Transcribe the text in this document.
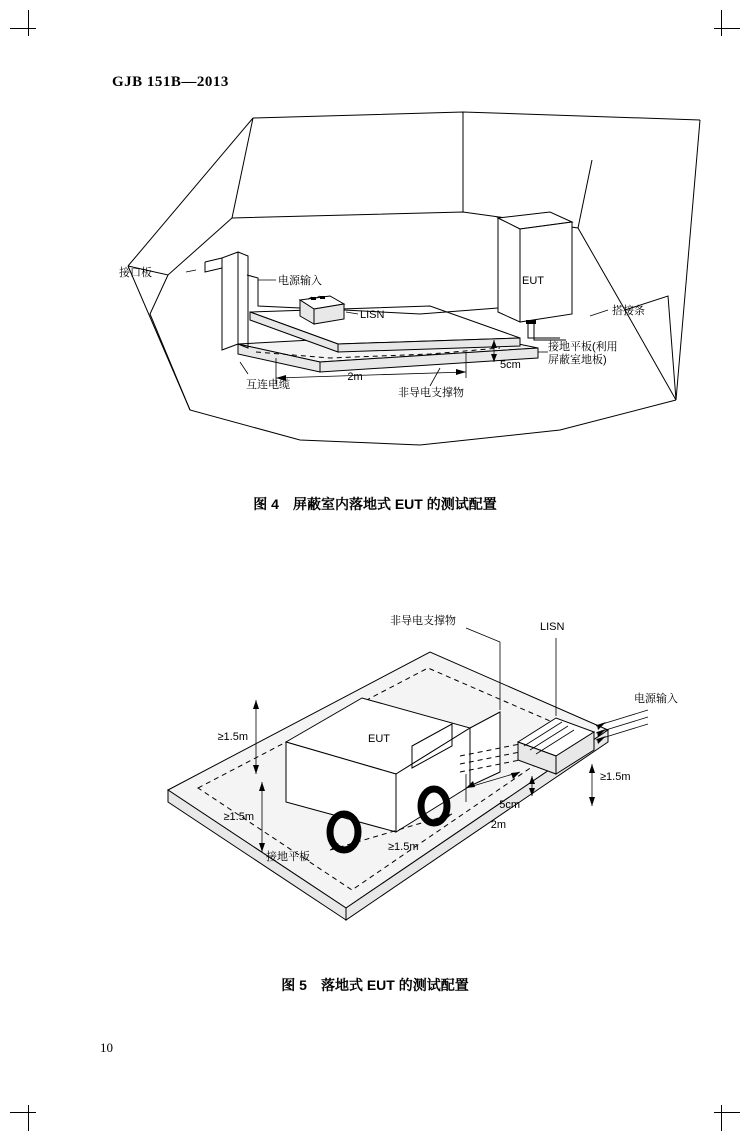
GJB 151B—2013
接口板
电源输入
LISN
EUT
搭接条
接地平板(利用
屏蔽室地板)
2m
5cm
互连电缆
非导电支撑物
图 4　屏蔽室内落地式 EUT 的测试配置
非导电支撑物	LISN
电源输入
EUT
≥1.5m
≥1.5m
≥1.5m
≥1.5m
5cm
2m
接地平板
图 5　落地式 EUT 的测试配置
10
